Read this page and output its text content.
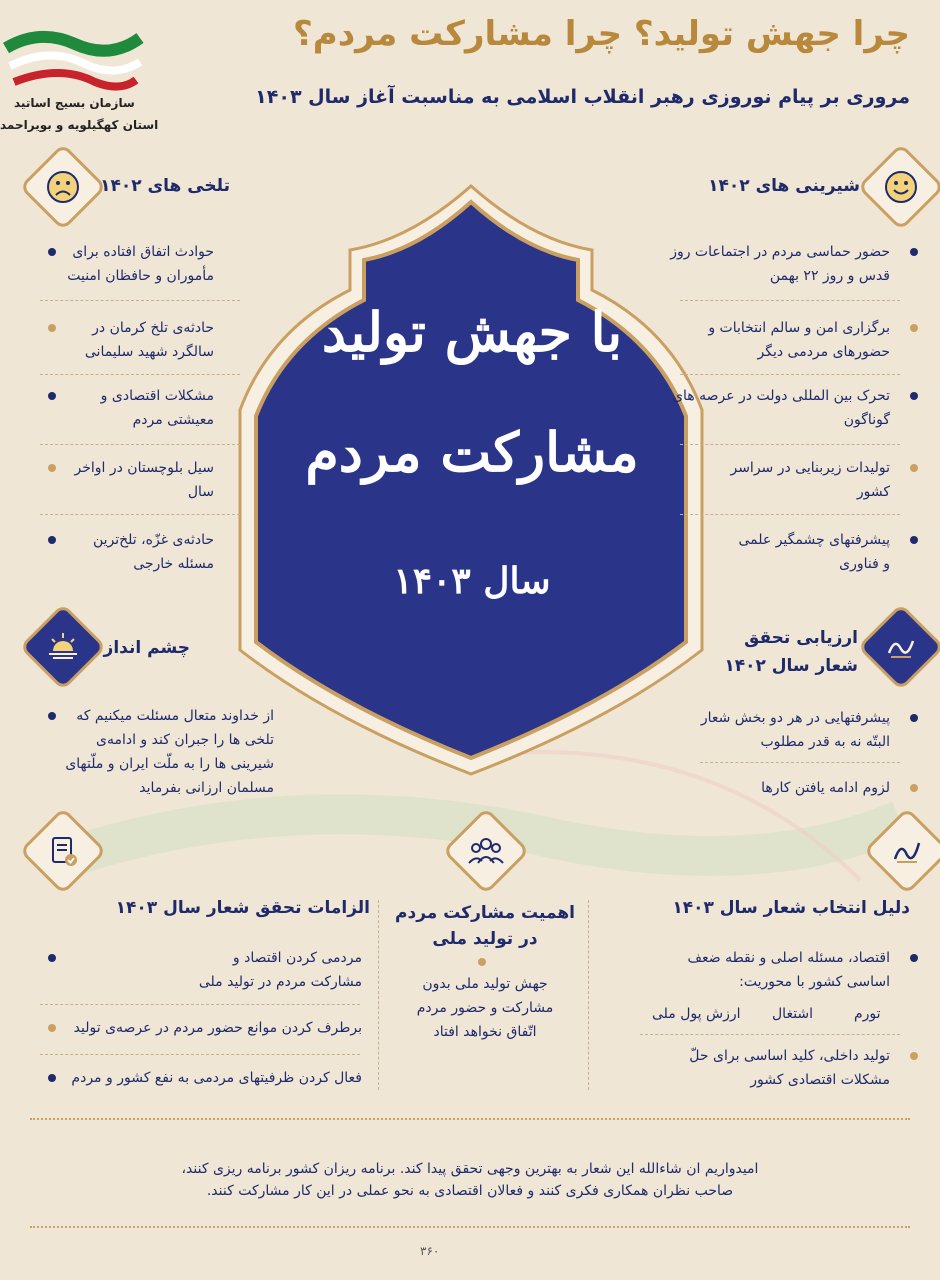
سازمان بسیج اساتید
استان کهگیلویه و بویراحمد
چرا جهش تولید؟ چرا مشارکت مردم؟
مروری بر پیام نوروزی رهبر انقلاب اسلامی به مناسبت آغاز سال ۱۴۰۳
با جهش تولید
مشارکت مردم
سال ۱۴۰۳
شیرینی های ۱۴۰۲
حضور حماسی مردم در اجتماعات روز قدس و روز ۲۲ بهمن
برگزاری امن و سالم انتخابات و حضورهای مردمی دیگر
تحرک بین المللی دولت در عرصه های گوناگون
تولیدات زیربنایی در سراسر کشور
پیشرفتهای چشمگیر علمی و فناوری
تلخی های ۱۴۰۲
حوادث اتفاق افتاده برای مأموران و حافظان امنیت
حادثه‌ی تلخ کرمان در سالگرد شهید سلیمانی
مشکلات اقتصادی و معیشتی مردم
سیل بلوچستان در اواخر سال
حادثه‌ی غزّه، تلخ‌ترین مسئله خارجی
ارزیابی تحقق
شعار سال ۱۴۰۲
پیشرفتهایی در هر دو بخش شعار البتّه نه به قدر مطلوب
لزوم ادامه یافتن کارها
چشم انداز
از خداوند متعال مسئلت میکنیم که تلخی ها را جبران کند و ادامه‌ی شیرینی ها را به ملّت ایران و ملّتهای مسلمان ارزانی بفرماید
دلیل انتخاب شعار سال ۱۴۰۳
اقتصاد، مسئله اصلی و نقطه ضعف اساسی کشور با محوریت:
تورم
اشتغال
ارزش پول ملی
تولید داخلی، کلید اساسی برای حلّ مشکلات اقتصادی کشور
اهمیت مشارکت مردم در تولید ملی
جهش تولید ملی بدون مشارکت و حضور مردم اتّفاق نخواهد افتاد
الزامات تحقق شعار سال ۱۴۰۳
مردمی کردن اقتصاد و مشارکت مردم در تولید ملی
برطرف کردن موانع حضور مردم در عرصه‌ی تولید
فعال کردن ظرفیتهای مردمی به نفع کشور و مردم
امیدواریم ان شاءالله این شعار به بهترین وجهی تحقق پیدا کند. برنامه ریزان کشور برنامه ریزی کنند،
صاحب نظران همکاری فکری کنند و فعالان اقتصادی به نحو عملی در این کار مشارکت کنند.
۳۶۰
